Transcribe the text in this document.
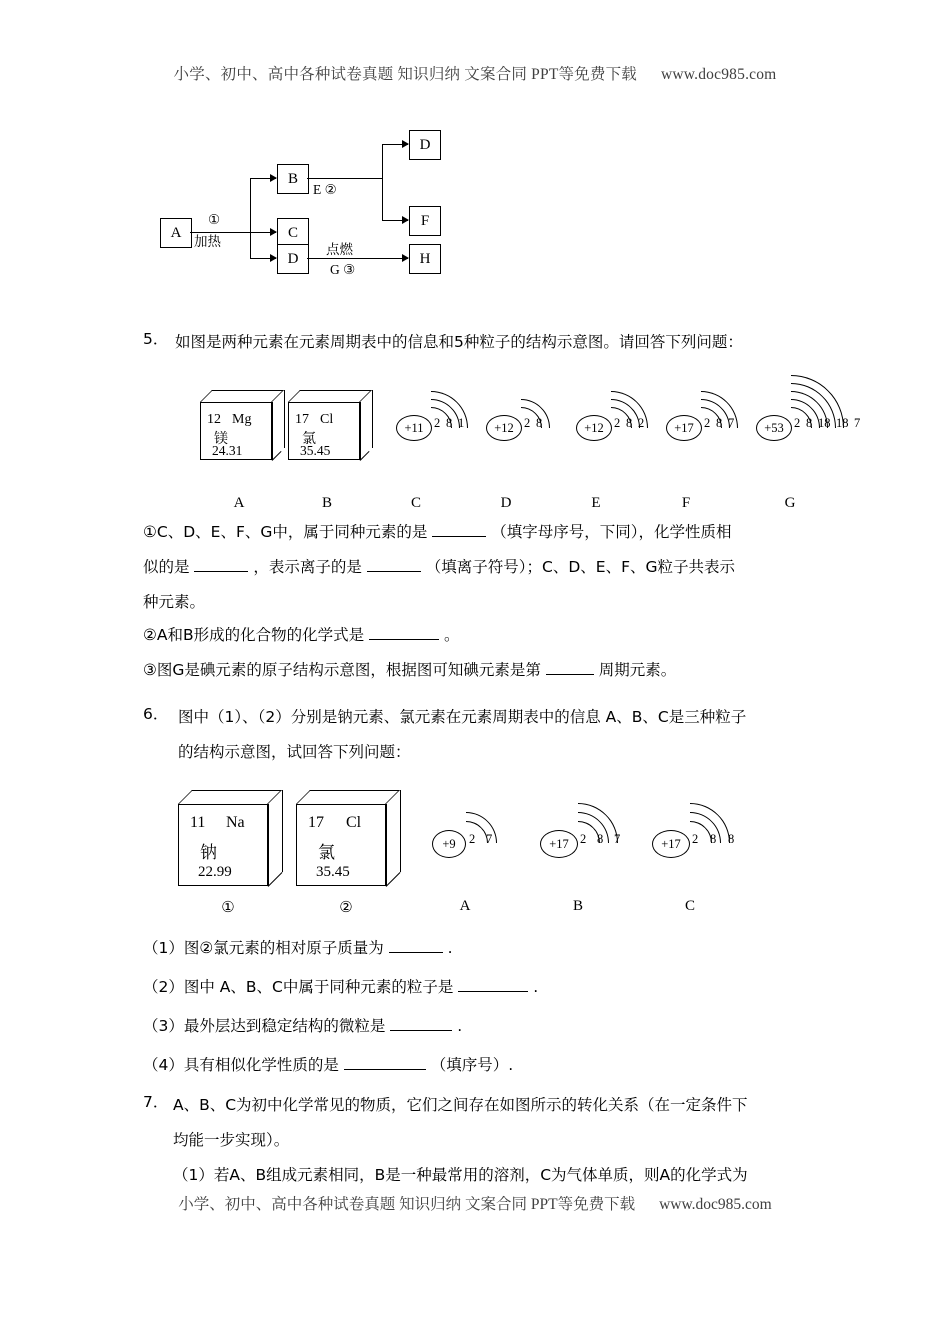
小学、初中、高中各种试卷真题 知识归纳 文案合同 PPT等免费下载 www.doc985.com
A
①
加热
B
C
D
E ②
点燃
G ③
D
F
H
5． 如图是两种元素在元素周期表中的信息和5种粒子的结构示意图。请回答下列问题：
12 Mg
镁
24.31
A
17 Cl
氯
35.45
B
+11 2 8 1
C
+12 2 8
D
+12 2 8 2
E
+17 2 8 7
F
+53 2 8 18 18 7
G
①C、D、E、F、G中，属于同种元素的是	（填字母序号，下同），化学性质相
似的是	，表示离子的是	（填离子符号）；C、D、E、F、G粒子共表示
种元素。
②A和B形成的化合物的化学式是	。
③图G是碘元素的原子结构示意图，根据图可知碘元素是第	周期元素。
6． 图中（1）、（2）分别是钠元素、氯元素在元素周期表中的信息 A、B、C是三种粒子
的结构示意图，试回答下列问题：
11 Na
钠
22.99
①
17 Cl
氯
35.45
②
+9	2 7
A
+17 2 8 7
B
+17 2 8 8
C
（1）图②氯元素的相对原子质量为	.
（2）图中 A、B、C中属于同种元素的粒子是	.
（3）最外层达到稳定结构的微粒是	.
（4）具有相似化学性质的是	（填序号）.
7． A、B、C为初中化学常见的物质，它们之间存在如图所示的转化关系（在一定条件下
均能一步实现）。
（1）若A、B组成元素相同，B是一种最常用的溶剂，C为气体单质，则A的化学式为
小学、初中、高中各种试卷真题 知识归纳 文案合同 PPT等免费下载 www.doc985.com
